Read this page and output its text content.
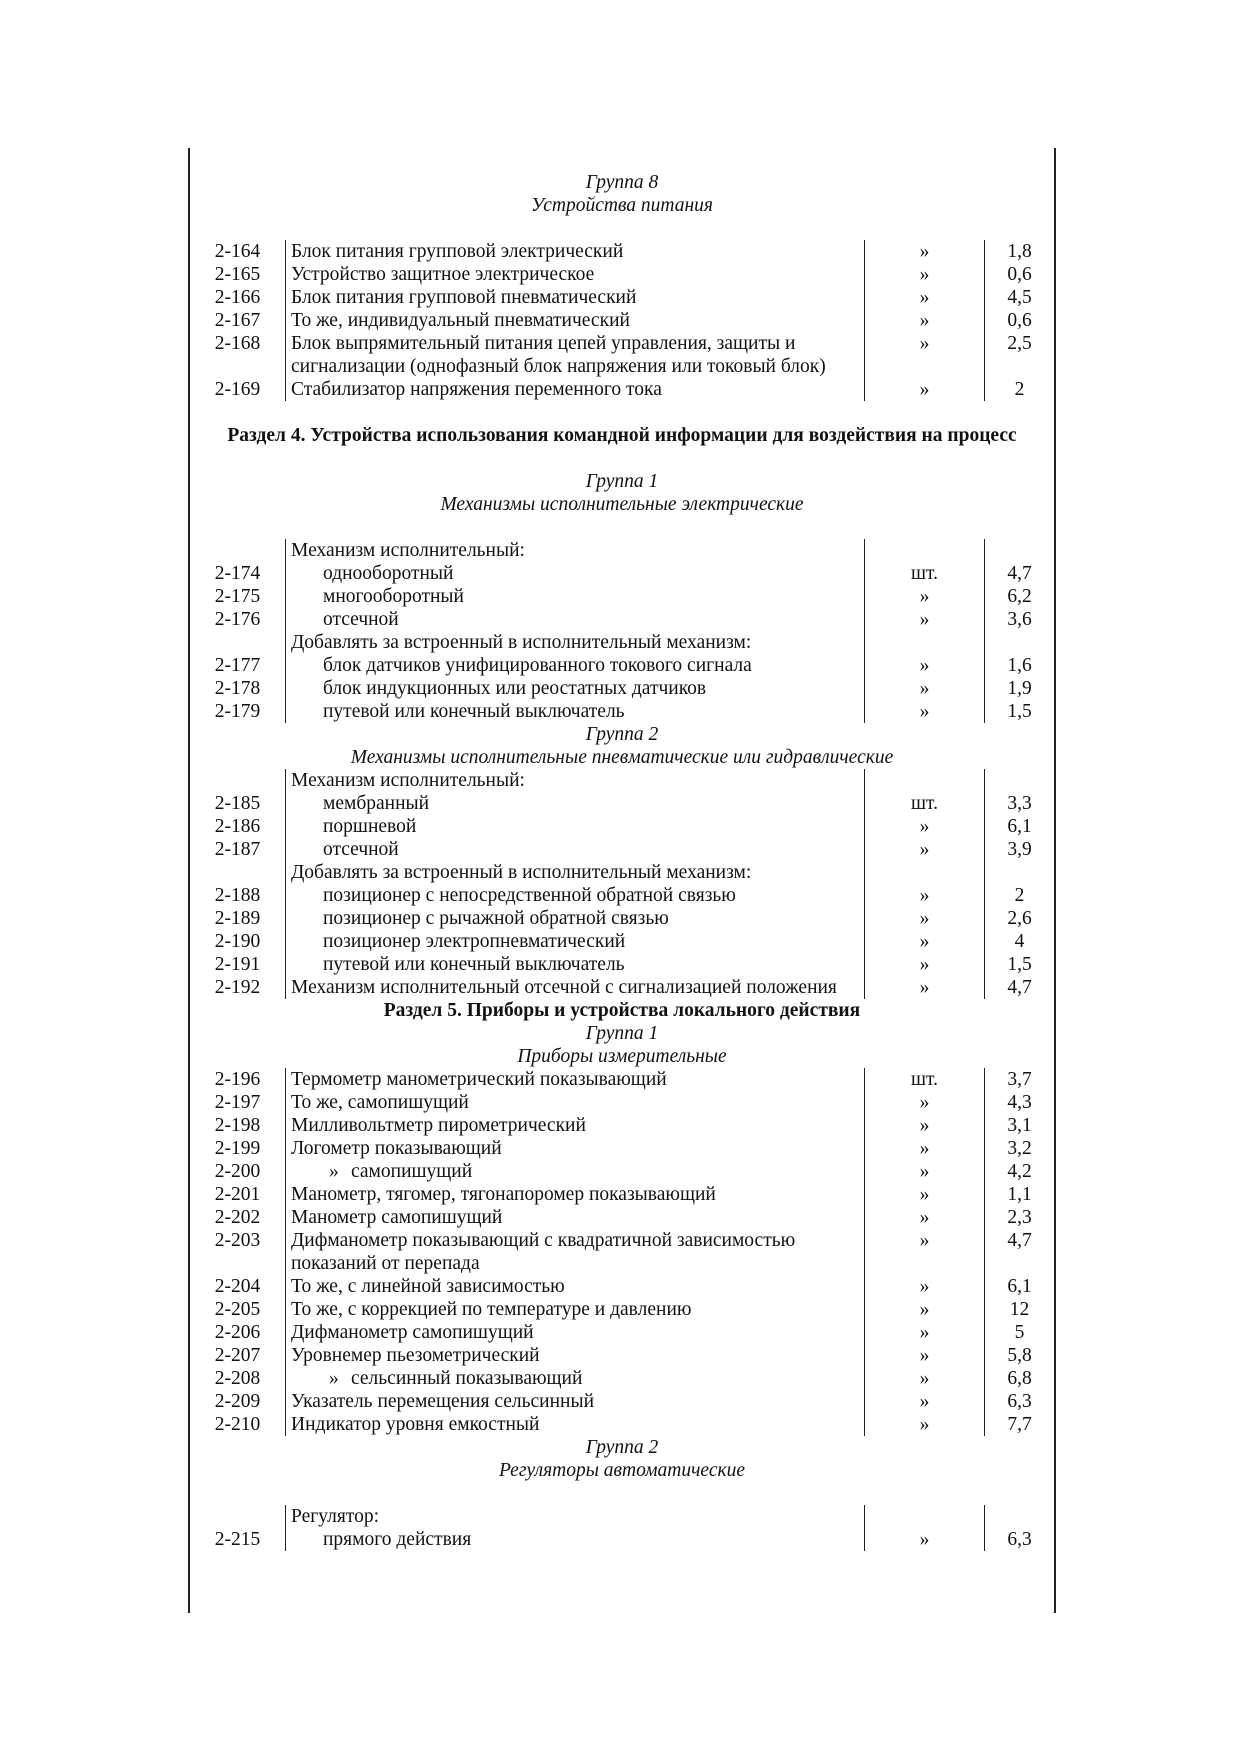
Группа 8
Устройства питания
2-164	Блок питания групповой электрический	»	1,8
2-165	Устройство защитное электрическое	»	0,6
2-166	Блок питания групповой пневматический	»	4,5
2-167	То же, индивидуальный пневматический	»	0,6
2-168	Блок выпрямительный питания цепей управления, защиты и сигнализации (однофазный блок напряжения или токовый блок)	»	2,5
2-169	Стабилизатор напряжения переменного тока	»	2
Раздел 4. Устройства использования командной информации для воздействия на процесс
Группа 1
Механизмы исполнительные электрические
	Механизм исполнительный:		
2-174	однооборотный	шт.	4,7
2-175	многооборотный	»	6,2
2-176	отсечной	»	3,6
	Добавлять за встроенный в исполнительный механизм:		
2-177	блок датчиков унифицированного токового сигнала	»	1,6
2-178	блок индукционных или реостатных датчиков	»	1,9
2-179	путевой или конечный выключатель	»	1,5
Группа 2
Механизмы исполнительные пневматические или гидравлические
	Механизм исполнительный:		
2-185	мембранный	шт.	3,3
2-186	поршневой	»	6,1
2-187	отсечной	»	3,9
	Добавлять за встроенный в исполнительный механизм:		
2-188	позиционер с непосредственной обратной связью	»	2
2-189	позиционер с рычажной обратной связью	»	2,6
2-190	позиционер электропневматический	»	4
2-191	путевой или конечный выключатель	»	1,5
2-192	Механизм исполнительный отсечной с сигнализацией положения	»	4,7
Раздел 5. Приборы и устройства локального действия
Группа 1
Приборы измерительные
2-196	Термометр манометрический показывающий	шт.	3,7
2-197	То же, самопишущий	»	4,3
2-198	Милливольтметр пирометрический	»	3,1
2-199	Логометр показывающий	»	3,2
2-200	» самопишущий	»	4,2
2-201	Манометр, тягомер, тягонапоромер показывающий	»	1,1
2-202	Манометр самопишущий	»	2,3
2-203	Дифманометр показывающий с квадратичной зависимостью показаний от перепада	»	4,7
2-204	То же, с линейной зависимостью	»	6,1
2-205	То же, с коррекцией по температуре и давлению	»	12
2-206	Дифманометр самопишущий	»	5
2-207	Уровнемер пьезометрический	»	5,8
2-208	» сельсинный показывающий	»	6,8
2-209	Указатель перемещения сельсинный	»	6,3
2-210	Индикатор уровня емкостный	»	7,7
Группа 2
Регуляторы автоматические
	Регулятор:		
2-215	прямого действия	»	6,3
